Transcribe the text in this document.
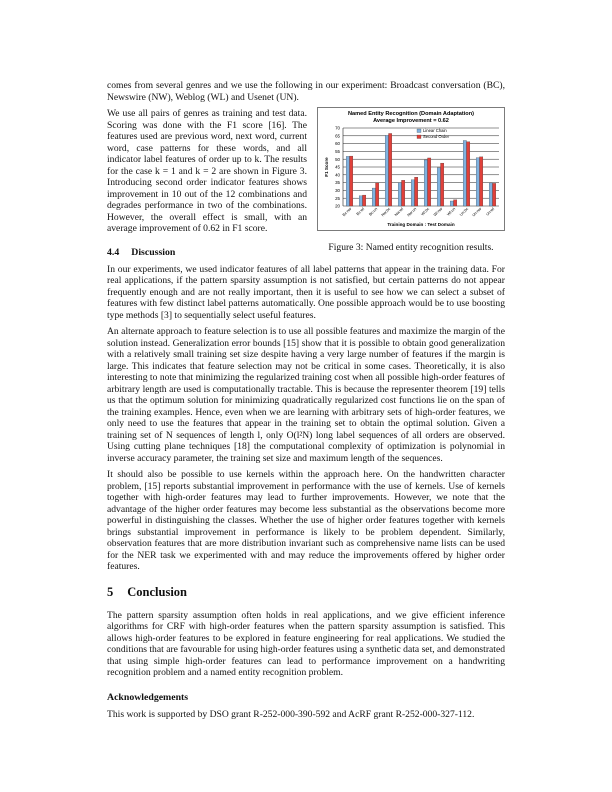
comes from several genres and we use the following in our experiment: Broadcast conversation (BC), Newswire (NW), Weblog (WL) and Usenet (UN).

We use all pairs of genres as training and test data. Scoring was done with the F1 score [16]. The features used are previous word, next word, current word, case patterns for these words, and all indicator label features of order up to k. The results for the case k = 1 and k = 2 are shown in Figure 3. Introducing second order indicator features shows improvement in 10 out of the 12 combinations and degrades performance in two of the combinations. However, the overall effect is small, with an average improvement of 0.62 in F1 score.

4.4 Discussion
Named Entity Recognition (Domain Adaptation)
Average Improvement = 0.62
20
25
30
35
40
45
50
55
60
65
70
F1 Score
Bc:nw Bc:wl Bc:un Nw:bc Nw:wl Nw:un Wl:bc Wl:nw Wl:un Un:bc Un:nw Un:wl
Training Domain : Test Domain
Linear Chain
Second Order
Figure 3: Named entity recognition results.

In our experiments, we used indicator features of all label patterns that appear in the training data. For real applications, if the pattern sparsity assumption is not satisfied, but certain patterns do not appear frequently enough and are not really important, then it is useful to see how we can select a subset of features with few distinct label patterns automatically. One possible approach would be to use boosting type methods [3] to sequentially select useful features.

An alternate approach to feature selection is to use all possible features and maximize the margin of the solution instead. Generalization error bounds [15] show that it is possible to obtain good generalization with a relatively small training set size despite having a very large number of features if the margin is large. This indicates that feature selection may not be critical in some cases. Theoretically, it is also interesting to note that minimizing the regularized training cost when all possible high-order features of arbitrary length are used is computationally tractable. This is because the representer theorem [19] tells us that the optimum solution for minimizing quadratically regularized cost functions lie on the span of the training examples. Hence, even when we are learning with arbitrary sets of high-order features, we only need to use the features that appear in the training set to obtain the optimal solution. Given a training set of N sequences of length l, only O(l²N) long label sequences of all orders are observed. Using cutting plane techniques [18] the computational complexity of optimization is polynomial in inverse accuracy parameter, the training set size and maximum length of the sequences.

It should also be possible to use kernels within the approach here. On the handwritten character problem, [15] reports substantial improvement in performance with the use of kernels. Use of kernels together with high-order features may lead to further improvements. However, we note that the advantage of the higher order features may become less substantial as the observations become more powerful in distinguishing the classes. Whether the use of higher order features together with kernels brings substantial improvement in performance is likely to be problem dependent. Similarly, observation features that are more distribution invariant such as comprehensive name lists can be used for the NER task we experimented with and may reduce the improvements offered by higher order features.

5 Conclusion

The pattern sparsity assumption often holds in real applications, and we give efficient inference algorithms for CRF with high-order features when the pattern sparsity assumption is satisfied. This allows high-order features to be explored in feature engineering for real applications. We studied the conditions that are favourable for using high-order features using a synthetic data set, and demonstrated that using simple high-order features can lead to performance improvement on a handwriting recognition problem and a named entity recognition problem.

Acknowledgements

This work is supported by DSO grant R-252-000-390-592 and AcRF grant R-252-000-327-112.
